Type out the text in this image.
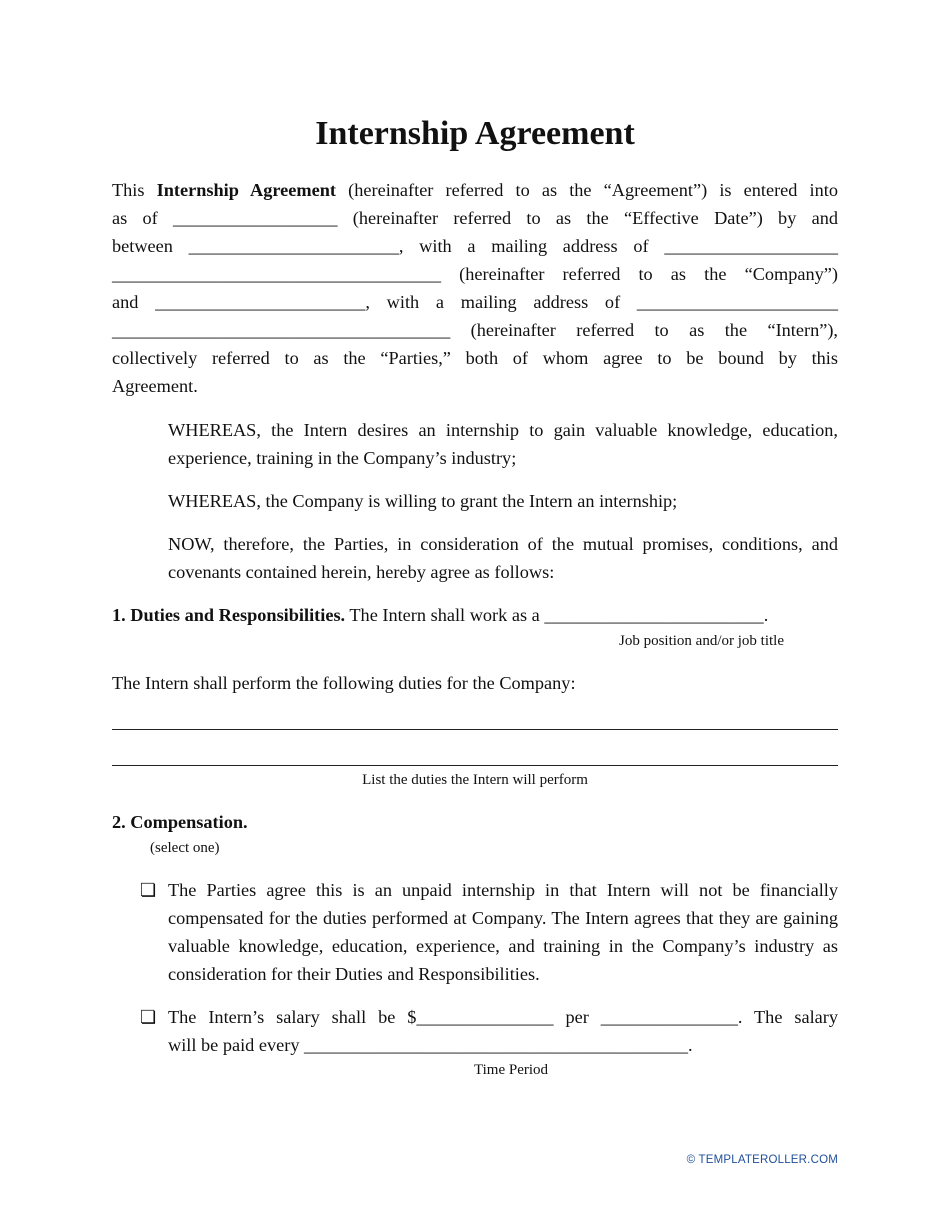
Internship Agreement
This Internship Agreement (hereinafter referred to as the “Agreement”) is entered into
as of __________________ (hereinafter referred to as the “Effective Date”) by and
between _______________________, with a mailing address of ___________________
____________________________________ (hereinafter referred to as the “Company”)
and _______________________, with a mailing address of ______________________
_____________________________________ (hereinafter referred to as the “Intern”),
collectively referred to as the “Parties,” both of whom agree to be bound by this
Agreement.
WHEREAS, the Intern desires an internship to gain valuable knowledge, education, experience, training in the Company’s industry;
WHEREAS, the Company is willing to grant the Intern an internship;
NOW, therefore, the Parties, in consideration of the mutual promises, conditions, and covenants contained herein, hereby agree as follows:
1. Duties and Responsibilities. The Intern shall work as a ________________________.
Job position and/or job title
The Intern shall perform the following duties for the Company:
List the duties the Intern will perform
2. Compensation.
(select one)
❏ The Parties agree this is an unpaid internship in that Intern will not be financially compensated for the duties performed at Company. The Intern agrees that they are gaining valuable knowledge, education, experience, and training in the Company’s industry as consideration for their Duties and Responsibilities.
❏ The Intern’s salary shall be $_______________ per _______________. The salary
will be paid every __________________________________________.
Time Period
© TEMPLATEROLLER.COM
